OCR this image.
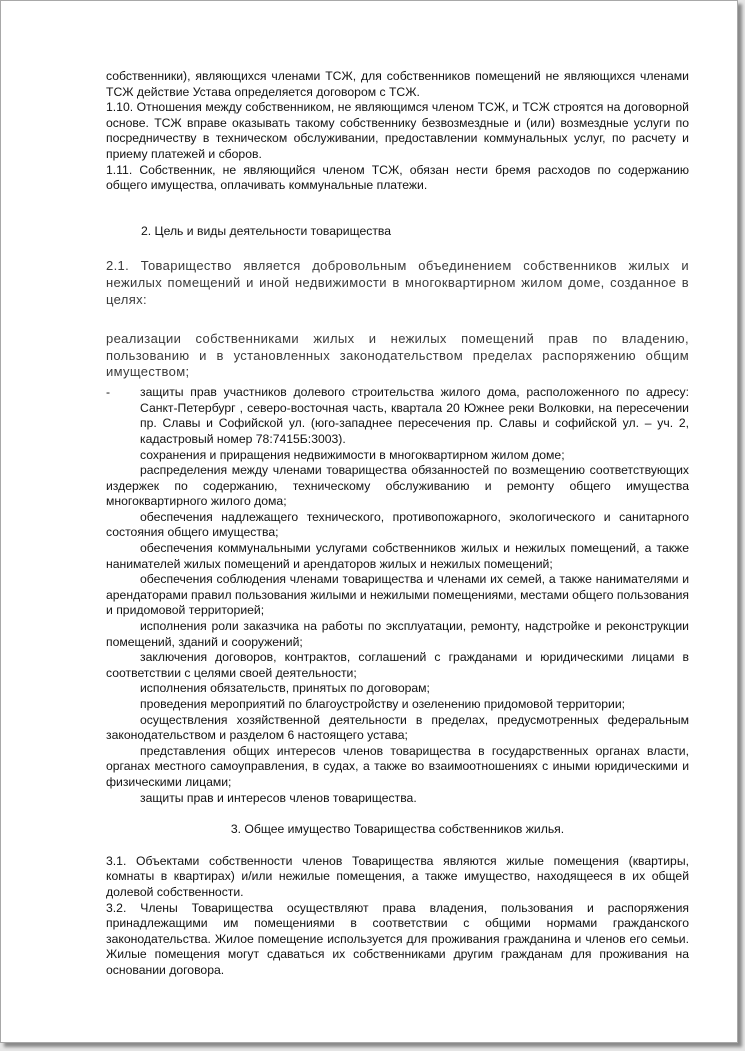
собственники), являющихся членами ТСЖ, для собственников помещений не являющихся членами ТСЖ действие Устава определяется договором с ТСЖ.

1.10. Отношения между собственником, не являющимся членом ТСЖ, и ТСЖ строятся на договорной основе. ТСЖ вправе оказывать такому собственнику безвозмездные и (или) возмездные услуги по посредничеству в техническом обслуживании, предоставлении коммунальных услуг, по расчету и приему платежей и сборов.

1.11. Собственник, не являющийся членом ТСЖ, обязан нести бремя расходов по содержанию общего имущества, оплачивать коммунальные платежи.

2. Цель и виды деятельности товарищества

2.1. Товарищество является добровольным объединением собственников жилых и нежилых помещений и иной недвижимости в многоквартирном жилом доме, созданное в целях:

реализации собственниками жилых и нежилых помещений прав по владению, пользованию и в установленных законодательством пределах распоряжению общим имуществом;

-	защиты прав участников долевого строительства жилого дома, расположенного по адресу: Санкт-Петербург , северо-восточная часть, квартала 20 Южнее реки Волковки, на пересечении пр. Славы и Софийской ул. (юго-западнее пересечения пр. Славы и софийской ул. – уч. 2, кадастровый номер 78:7415Б:3003).

сохранения и приращения недвижимости в многоквартирном жилом доме;

распределения между членами товарищества обязанностей по возмещению соответствующих издержек по содержанию, техническому обслуживанию и ремонту общего имущества многоквартирного жилого дома;

обеспечения надлежащего технического, противопожарного, экологического и санитарного состояния общего имущества;

обеспечения коммунальными услугами собственников жилых и нежилых помещений, а также нанимателей жилых помещений и арендаторов жилых и нежилых помещений;

обеспечения соблюдения членами товарищества и членами их семей, а также нанимателями и арендаторами правил пользования жилыми и нежилыми помещениями, местами общего пользования и придомовой территорией;

исполнения роли заказчика на работы по эксплуатации, ремонту, надстройке и реконструкции помещений, зданий и сооружений;

заключения договоров, контрактов, соглашений с гражданами и юридическими лицами в соответствии с целями своей деятельности;

исполнения обязательств, принятых по договорам;

проведения мероприятий по благоустройству и озеленению придомовой территории;

осуществления хозяйственной деятельности в пределах, предусмотренных федеральным законодательством и разделом 6 настоящего устава;

представления общих интересов членов товарищества в государственных органах власти, органах местного самоуправления, в судах, а также во взаимоотношениях с иными юридическими и физическими лицами;

защиты прав и интересов членов товарищества.

3. Общее имущество Товарищества собственников жилья.

3.1. Объектами собственности членов Товарищества являются жилые помещения (квартиры, комнаты в квартирах) и/или нежилые помещения, а также имущество, находящееся в их общей долевой собственности.

3.2. Члены Товарищества осуществляют права владения, пользования и распоряжения принадлежащими им помещениями в соответствии с общими нормами гражданского законодательства. Жилое помещение используется для проживания гражданина и членов его семьи. Жилые помещения могут сдаваться их собственниками другим гражданам для проживания на основании договора.
